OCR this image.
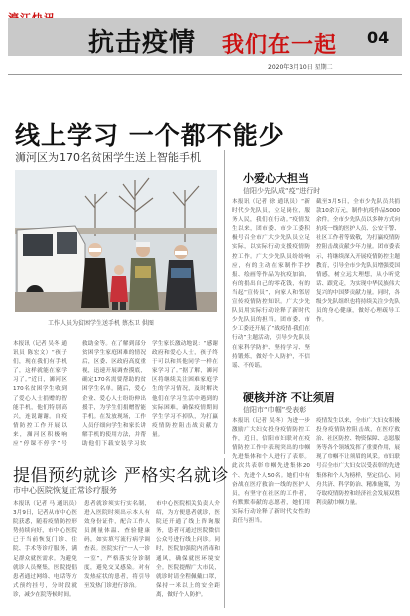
抗击疫情 我们在一起 04
2020年3月10日 星期二
线上学习 一个都不能少
浉河区为170名贫困学生送上智能手机
工作人员为贫困学生送手机 蔡杰卫 供图
本报讯（记者 吴冬 通讯员 陈宏文）“孩子们，现在我们有手机了，这样就能在家学习了。”近日，浉河区170名贫困学生收到了爱心人士捐赠的智能手机，他们特别高兴，连说谢谢。自疫情防控工作开展以来，浉河区积极响应“停课不停学”号
救助金等。在了解到部分贫困学生家庭困难的情况后，区委、区政府高度重视，迅速开展调查摸底，确定170名需要帮助的贫困学生名单。随后，爱心企业、爱心人士纷纷伸出援手，为学生们捐赠智能手机。在发放现场，工作人员仔细向学生和家长讲解手机的使用方法，并帮助他们下载安装学习软
学生家长激动地说：“感谢政府和爱心人士，孩子终于可以和其他同学一样在家学习了。”据了解，浉河区将继续关注困难家庭学生的学习情况，及时解决他们在学习生活中遇到的实际困难，确保疫情期间学生学习不掉队，为打赢疫情防控阻击战贡献力量。
小爱心大担当
信阳少先队成“疫”进行时
本报讯（记者 徐 通讯员）“新时代少先队员，立足岗位，服务人民，我们在行动。”疫情发生以来，团市委、市少工委积极号召全市广大少先队员立足实际，以实际行动支援疫情防控工作。广大少先队员纷纷响应，有的主动在家制作手抄报、绘画等作品为抗疫加油，有的捐出自己的零花钱，有的当起“宣传员”，向家人和邻居宣传疫情防控知识。广大少先队员用实际行动诠释了新时代少先队员的担当。团市委、市少工委还开展了“战疫情·我们在行动”主题活动，引导少先队员在家科学防护、坚持学习、坚持锻炼，做好个人防护，不信谣、不传谣。
截至3月5日，全市少先队员共捐款10余万元，制作抗疫作品5000余件。全市少先队员以多种方式向抗疫一线的医护人员、公安干警、社区工作者等致敬，为打赢疫情防控阻击战贡献少年力量。团市委表示，将继续深入开展疫情防控主题教育，引导全市少先队员增强爱国情感，树立远大理想，从小听党话、跟党走，为实现中华民族伟大复兴的中国梦贡献力量。同时，各级少先队组织也将持续关注少先队员的身心健康，做好心理疏导工作。
硬核并济 不让须眉
信阳市“巾帼”受表彰
本报讯（记者 吴冬）为进一步激励广大妇女投身疫情防控工作，近日，信阳市妇联对在疫情防控工作中表现突出的巾帼先进集体和个人进行了表彰。此次共表彰巾帼先进集体20个、先进个人50名。她们中有奋战在医疗救治一线的医护人员，有坚守在社区的工作者，有默默奉献的志愿者，她们用实际行动诠释了新时代女性的责任与担当。
疫情发生以来，全市广大妇女积极投身疫情防控阻击战，在医疗救治、社区防控、物资保障、志愿服务等各个领域发挥了重要作用，展现了巾帼不让须眉的风采。市妇联号召全市广大妇女以受表彰的先进集体和个人为榜样，坚定信心、同舟共济、科学防治、精准施策，为夺取疫情防控和经济社会发展双胜利贡献巾帼力量。
提倡预约就诊 严格实名就诊
市中心医院恢复正常诊疗服务
本报讯（记者 马 通讯员）3月9日，记者从市中心医院获悉，随着疫情防控形势持续向好，市中心医院已于当前恢复门诊、住院、手术等诊疗服务，满足群众就医需求。为避免就诊人员聚集，医院提倡患者通过网络、电话等方式预约挂号，分时段就诊，减少在院等候时间。
患者就诊须实行实名制，进入医院时须出示本人有效身份证件，配合工作人员测量体温、查验健康码，如实填写流行病学调查表。医院实行“一人一诊一室”，严格落实分诊制度，避免交叉感染。对有发热症状的患者，将引导至发热门诊进行诊治。
市中心医院相关负责人介绍，为方便患者就诊，医院还开通了线上咨询服务，患者可通过医院微信公众号进行线上问诊。同时，医院加强院内消毒和通风，确保就医环境安全。医院提醒广大市民，就诊时请全程佩戴口罩，保持一米以上的安全距离，做好个人防护。
